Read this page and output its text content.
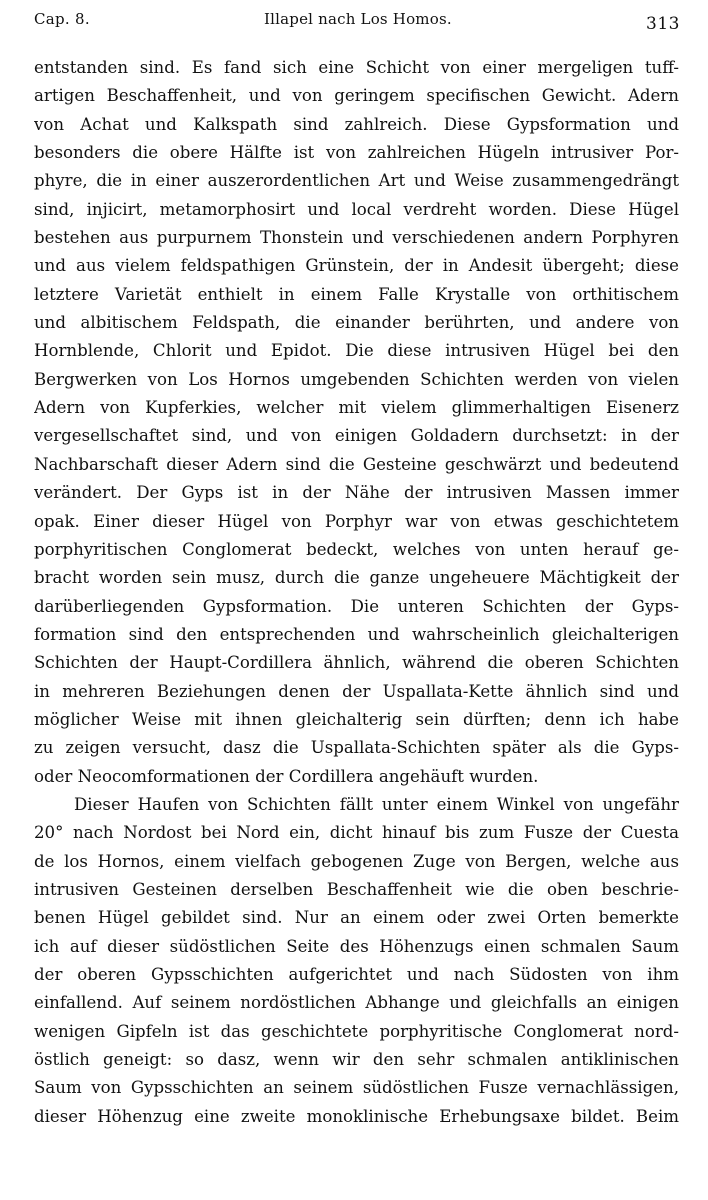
Cap. 8.	Illapel nach Los Homos.	313
entstanden sind. Es fand sich eine Schicht von einer mergeligen tuff-
artigen Beschaffenheit, und von geringem specifischen Gewicht. Adern
von Achat und Kalkspath sind zahlreich. Diese Gypsformation und
besonders die obere Hälfte ist von zahlreichen Hügeln intrusiver Por-
phyre, die in einer auszerordentlichen Art und Weise zusammengedrängt
sind, injicirt, metamorphosirt und local verdreht worden. Diese Hügel
bestehen aus purpurnem Thonstein und verschiedenen andern Porphyren
und aus vielem feldspathigen Grünstein, der in Andesit übergeht; diese
letztere Varietät enthielt in einem Falle Krystalle von orthitischem
und albitischem Feldspath, die einander berührten, und andere von
Hornblende, Chlorit und Epidot. Die diese intrusiven Hügel bei den
Bergwerken von Los Hornos umgebenden Schichten werden von vielen
Adern von Kupferkies, welcher mit vielem glimmerhaltigen Eisenerz
vergesellschaftet sind, und von einigen Goldadern durchsetzt: in der
Nachbarschaft dieser Adern sind die Gesteine geschwärzt und bedeutend
verändert. Der Gyps ist in der Nähe der intrusiven Massen immer
opak. Einer dieser Hügel von Porphyr war von etwas geschichtetem
porphyritischen Conglomerat bedeckt, welches von unten herauf ge-
bracht worden sein musz, durch die ganze ungeheuere Mächtigkeit der
darüberliegenden Gypsformation. Die unteren Schichten der Gyps-
formation sind den entsprechenden und wahrscheinlich gleichalterigen
Schichten der Haupt-Cordillera ähnlich, während die oberen Schichten
in mehreren Beziehungen denen der Uspallata-Kette ähnlich sind und
möglicher Weise mit ihnen gleichalterig sein dürften; denn ich habe
zu zeigen versucht, dasz die Uspallata-Schichten später als die Gyps-
oder Neocomformationen der Cordillera angehäuft wurden.
Dieser Haufen von Schichten fällt unter einem Winkel von ungefähr
20° nach Nordost bei Nord ein, dicht hinauf bis zum Fusze der Cuesta
de los Hornos, einem vielfach gebogenen Zuge von Bergen, welche aus
intrusiven Gesteinen derselben Beschaffenheit wie die oben beschrie-
benen Hügel gebildet sind. Nur an einem oder zwei Orten bemerkte
ich auf dieser südöstlichen Seite des Höhenzugs einen schmalen Saum
der oberen Gypsschichten aufgerichtet und nach Südosten von ihm
einfallend. Auf seinem nordöstlichen Abhange und gleichfalls an einigen
wenigen Gipfeln ist das geschichtete porphyritische Conglomerat nord-
östlich geneigt: so dasz, wenn wir den sehr schmalen antiklinischen
Saum von Gypsschichten an seinem südöstlichen Fusze vernachlässigen,
dieser Höhenzug eine zweite monoklinische Erhebungsaxe bildet. Beim
